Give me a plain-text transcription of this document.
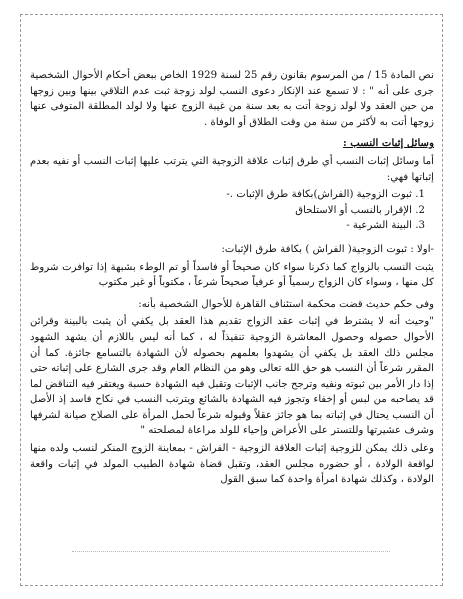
نص المادة 15 / من المرسوم بقانون رقم 25 لسنة 1929 الخاص ببعض أحكام الأحوال الشخصية جرى على أنه " : لا تسمع عند الإنكار دعوى النسب لولد زوجة ثبت عدم التلاقي بينها وبين زوجها من حين العقد ولا لولد زوجة أتت به بعد سنة من غيبة الزوج عنها ولا لولد المطلقة المتوفى عنها زوجها أتت به لأكثر من سنة من وقت الطلاق أو الوفاة .

وسائل إثبات النسب :

أما وسائل إثبات النسب أي طرق إثبات علاقة الزوجية التي يترتب عليها إثبات النسب أو نفيه بعدم إثباتها فهي:

1. ثبوت الزوجية (الفراش)بكافة طرق الإثبات .-
2. الإقرار بالنسب أو الاستلحاق
3. البينة الشرعية -

-اولا : ثبوت الزوجية( الفراش ) بكافة طرق الإثبات:

يثبت النسب بالزواج كما ذكرنا سواء كان صحيحاً أو فاسداً أو تم الوطء بشبهة إذا توافرت شروط كل منها ، وسواء كان الزواج رسمياً أو عرفياً صحيحاً شرعاً ، مكتوباً أو غير مكتوب

وفى حكم حديث قضت محكمة استئناف القاهرة للأحوال الشخصية بأنه:

"وحيث أنه لا يشترط في إثبات عقد الزواج تقديم هذا العقد بل يكفي أن يثبت بالبينة وقرائن الأحوال حصوله وحصول المعاشرة الزوجية تنفيذاً له ، كما أنه ليس باللازم أن يشهد الشهود مجلس ذلك العقد بل يكفي أن يشهدوا بعلمهم بحصوله لأن الشهادة بالتسامع جائزة. كما أن المقرر شرعاً أن النسب هو حق الله تعالى وهو من النظام العام وقد جرى الشارع على إثباته حتى إذا دار الأمر بين ثبوته ونفيه وترجح جانب الإثبات وتقبل فيه الشهادة حسبة ويغتفر فيه التناقض لما قد يصاحبه من لبس أو إخفاء وتجوز فيه الشهادة بالشائع ويترتب النسب في نكاح فاسد إذ الأصل أن النسب يحتال في إثباته بما هو جائز عقلاً وقبوله شرعاً لحمل المرأة على الصلاح صيانة لشرفها وشرف عشيرتها وللتستر على الأعراض وإحياء للولد مراعاة لمصلحته "

وعلى ذلك يمكن للزوجية إثبات العلاقة الزوجية - الفراش - بمعاينة الزوج المنكر لنسب ولده منها لواقعة الولادة ، أو حضوره مجلس العقد، وتقبل قضاة شهادة الطبيب المولد في إثبات واقعة الولادة ، وكذلك شهادة امرأة واحدة كما سبق القول
